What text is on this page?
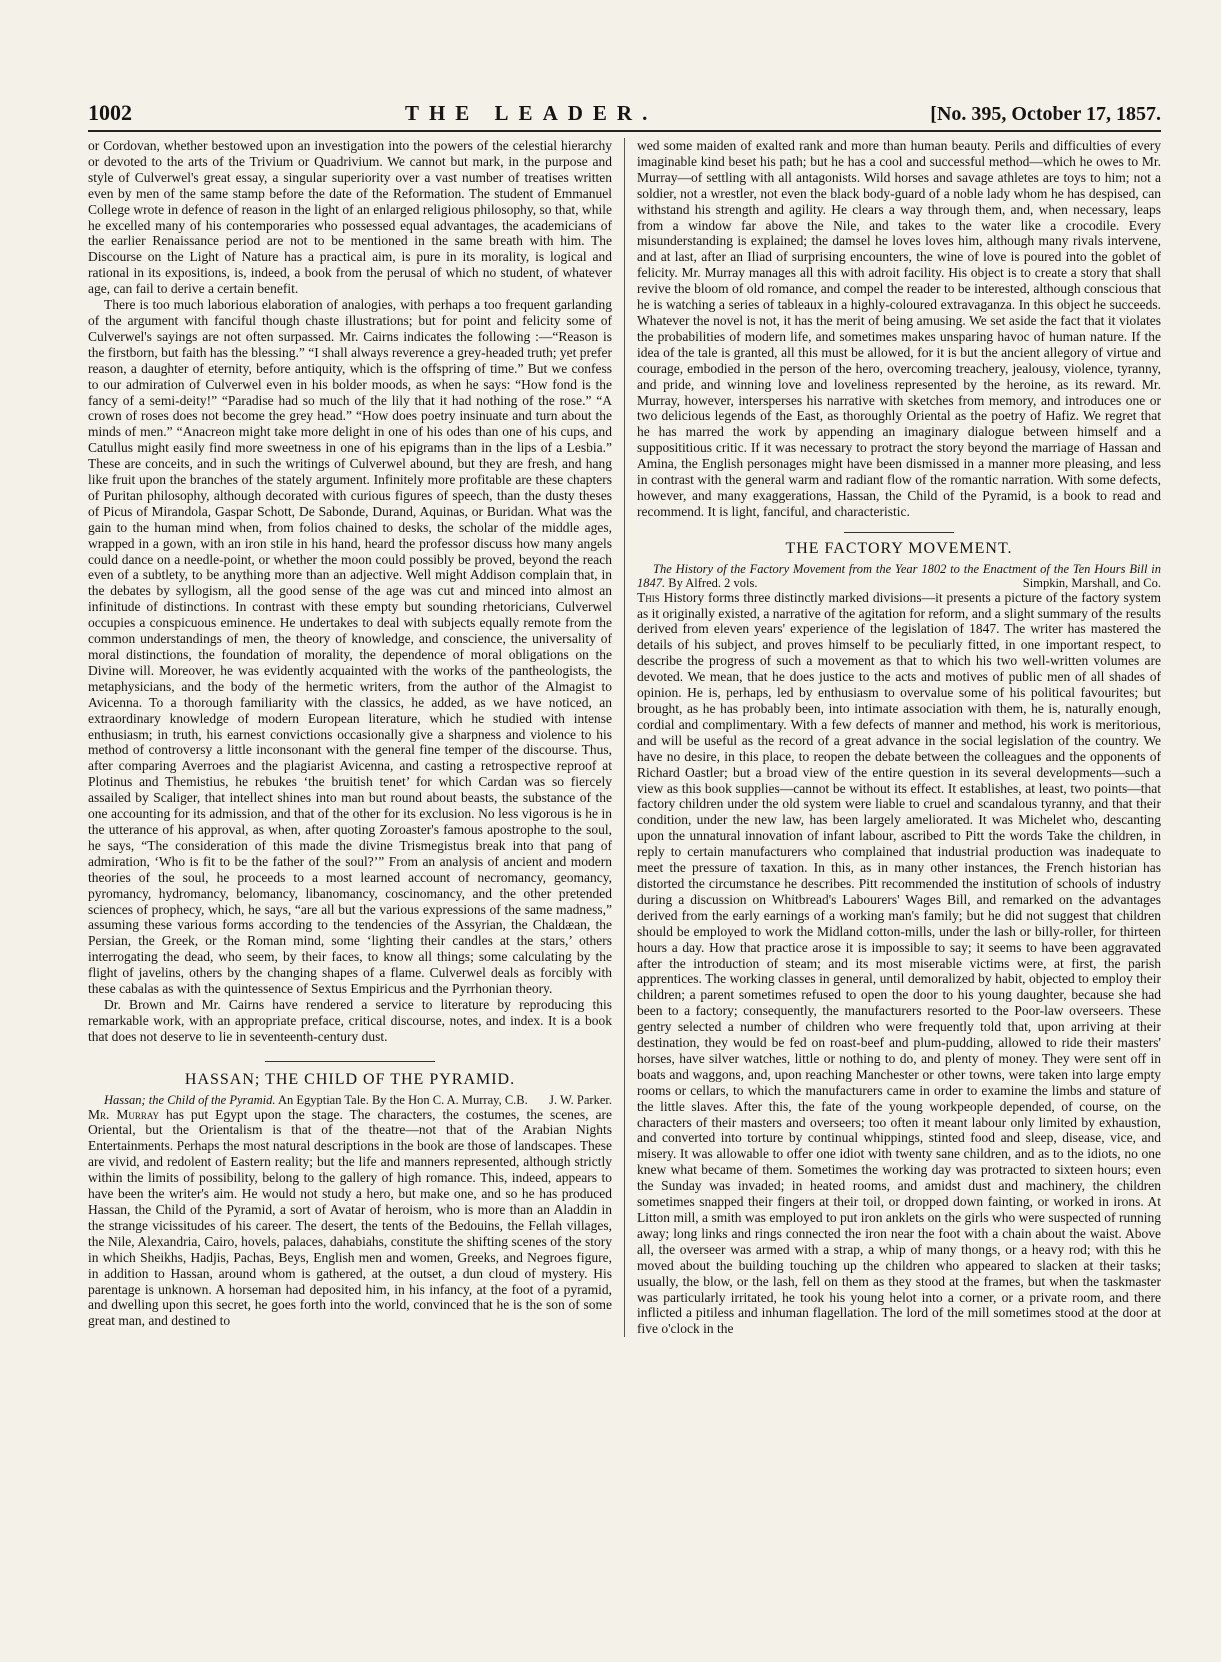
1002	THE LEADER.	[No. 395, October 17, 1857.

or Cordovan, whether bestowed upon an investigation into the powers of the celestial hierarchy or devoted to the arts of the Trivium or Quadrivium. We cannot but mark, in the purpose and style of Culverwel's great essay, a singular superiority over a vast number of treatises written even by men of the same stamp before the date of the Reformation. The student of Emmanuel College wrote in defence of reason in the light of an enlarged religious philosophy, so that, while he excelled many of his contemporaries who possessed equal advantages, the academicians of the earlier Renaissance period are not to be mentioned in the same breath with him. The Discourse on the Light of Nature has a practical aim, is pure in its morality, is logical and rational in its expositions, is, indeed, a book from the perusal of which no student, of whatever age, can fail to derive a certain benefit.

There is too much laborious elaboration of analogies, with perhaps a too frequent garlanding of the argument with fanciful though chaste illustrations; but for point and felicity some of Culverwel's sayings are not often surpassed. Mr. Cairns indicates the following :—“Reason is the firstborn, but faith has the blessing.” “I shall always reverence a grey-headed truth; yet prefer reason, a daughter of eternity, before antiquity, which is the offspring of time.” But we confess to our admiration of Culverwel even in his bolder moods, as when he says: “How fond is the fancy of a semi-deity!” “Paradise had so much of the lily that it had nothing of the rose.” “A crown of roses does not become the grey head.” “How does poetry insinuate and turn about the minds of men.” “Anacreon might take more delight in one of his odes than one of his cups, and Catullus might easily find more sweetness in one of his epigrams than in the lips of a Lesbia.” These are conceits, and in such the writings of Culverwel abound, but they are fresh, and hang like fruit upon the branches of the stately argument. Infinitely more profitable are these chapters of Puritan philosophy, although decorated with curious figures of speech, than the dusty theses of Picus of Mirandola, Gaspar Schott, De Sabonde, Durand, Aquinas, or Buridan. What was the gain to the human mind when, from folios chained to desks, the scholar of the middle ages, wrapped in a gown, with an iron stile in his hand, heard the professor discuss how many angels could dance on a needle-point, or whether the moon could possibly be proved, beyond the reach even of a subtlety, to be anything more than an adjective. Well might Addison complain that, in the debates by syllogism, all the good sense of the age was cut and minced into almost an infinitude of distinctions. In contrast with these empty but sounding rhetoricians, Culverwel occupies a conspicuous eminence. He undertakes to deal with subjects equally remote from the common understandings of men, the theory of knowledge, and conscience, the universality of moral distinctions, the foundation of morality, the dependence of moral obligations on the Divine will. Moreover, he was evidently acquainted with the works of the pantheologists, the metaphysicians, and the body of the hermetic writers, from the author of the Almagist to Avicenna. To a thorough familiarity with the classics, he added, as we have noticed, an extraordinary knowledge of modern European literature, which he studied with intense enthusiasm; in truth, his earnest convictions occasionally give a sharpness and violence to his method of controversy a little inconsonant with the general fine temper of the discourse. Thus, after comparing Averroes and the plagiarist Avicenna, and casting a retrospective reproof at Plotinus and Themistius, he rebukes ‘the bruitish tenet’ for which Cardan was so fiercely assailed by Scaliger, that intellect shines into man but round about beasts, the substance of the one accounting for its admission, and that of the other for its exclusion. No less vigorous is he in the utterance of his approval, as when, after quoting Zoroaster's famous apostrophe to the soul, he says, “The consideration of this made the divine Trismegistus break into that pang of admiration, ‘Who is fit to be the father of the soul?’” From an analysis of ancient and modern theories of the soul, he proceeds to a most learned account of necromancy, geomancy, pyromancy, hydromancy, belomancy, libanomancy, coscinomancy, and the other pretended sciences of prophecy, which, he says, “are all but the various expressions of the same madness,” assuming these various forms according to the tendencies of the Assyrian, the Chaldæan, the Persian, the Greek, or the Roman mind, some ‘lighting their candles at the stars,’ others interrogating the dead, who seem, by their faces, to know all things; some calculating by the flight of javelins, others by the changing shapes of a flame. Culverwel deals as forcibly with these cabalas as with the quintessence of Sextus Empiricus and the Pyrrhonian theory.

Dr. Brown and Mr. Cairns have rendered a service to literature by reproducing this remarkable work, with an appropriate preface, critical discourse, notes, and index. It is a book that does not deserve to lie in seventeenth-century dust.

HASSAN; THE CHILD OF THE PYRAMID.

Hassan; the Child of the Pyramid. An Egyptian Tale. By the Hon C. A. Murray, C.B.	J. W. Parker.

Mr. Murray has put Egypt upon the stage. The characters, the costumes, the scenes, are Oriental, but the Orientalism is that of the theatre—not that of the Arabian Nights Entertainments. Perhaps the most natural descriptions in the book are those of landscapes. These are vivid, and redolent of Eastern reality; but the life and manners represented, although strictly within the limits of possibility, belong to the gallery of high romance. This, indeed, appears to have been the writer's aim. He would not study a hero, but make one, and so he has produced Hassan, the Child of the Pyramid, a sort of Avatar of heroism, who is more than an Aladdin in the strange vicissitudes of his career. The desert, the tents of the Bedouins, the Fellah villages, the Nile, Alexandria, Cairo, hovels, palaces, dahabiahs, constitute the shifting scenes of the story in which Sheikhs, Hadjis, Pachas, Beys, English men and women, Greeks, and Negroes figure, in addition to Hassan, around whom is gathered, at the outset, a dun cloud of mystery. His parentage is unknown. A horseman had deposited him, in his infancy, at the foot of a pyramid, and dwelling upon this secret, he goes forth into the world, convinced that he is the son of some great man, and destined to

wed some maiden of exalted rank and more than human beauty. Perils and difficulties of every imaginable kind beset his path; but he has a cool and successful method—which he owes to Mr. Murray—of settling with all antagonists. Wild horses and savage athletes are toys to him; not a soldier, not a wrestler, not even the black body-guard of a noble lady whom he has despised, can withstand his strength and agility. He clears a way through them, and, when necessary, leaps from a window far above the Nile, and takes to the water like a crocodile. Every misunderstanding is explained; the damsel he loves loves him, although many rivals intervene, and at last, after an Iliad of surprising encounters, the wine of love is poured into the goblet of felicity. Mr. Murray manages all this with adroit facility. His object is to create a story that shall revive the bloom of old romance, and compel the reader to be interested, although conscious that he is watching a series of tableaux in a highly-coloured extravaganza. In this object he succeeds. Whatever the novel is not, it has the merit of being amusing. We set aside the fact that it violates the probabilities of modern life, and sometimes makes unsparing havoc of human nature. If the idea of the tale is granted, all this must be allowed, for it is but the ancient allegory of virtue and courage, embodied in the person of the hero, overcoming treachery, jealousy, violence, tyranny, and pride, and winning love and loveliness represented by the heroine, as its reward. Mr. Murray, however, intersperses his narrative with sketches from memory, and introduces one or two delicious legends of the East, as thoroughly Oriental as the poetry of Hafiz. We regret that he has marred the work by appending an imaginary dialogue between himself and a supposititious critic. If it was necessary to protract the story beyond the marriage of Hassan and Amina, the English personages might have been dismissed in a manner more pleasing, and less in contrast with the general warm and radiant flow of the romantic narration. With some defects, however, and many exaggerations, Hassan, the Child of the Pyramid, is a book to read and recommend. It is light, fanciful, and characteristic.

THE FACTORY MOVEMENT.

The History of the Factory Movement from the Year 1802 to the Enactment of the Ten Hours Bill in 1847. By Alfred. 2 vols.	Simpkin, Marshall, and Co.

This History forms three distinctly marked divisions—it presents a picture of the factory system as it originally existed, a narrative of the agitation for reform, and a slight summary of the results derived from eleven years' experience of the legislation of 1847. The writer has mastered the details of his subject, and proves himself to be peculiarly fitted, in one important respect, to describe the progress of such a movement as that to which his two well-written volumes are devoted. We mean, that he does justice to the acts and motives of public men of all shades of opinion. He is, perhaps, led by enthusiasm to overvalue some of his political favourites; but brought, as he has probably been, into intimate association with them, he is, naturally enough, cordial and complimentary. With a few defects of manner and method, his work is meritorious, and will be useful as the record of a great advance in the social legislation of the country. We have no desire, in this place, to reopen the debate between the colleagues and the opponents of Richard Oastler; but a broad view of the entire question in its several developments—such a view as this book supplies—cannot be without its effect. It establishes, at least, two points—that factory children under the old system were liable to cruel and scandalous tyranny, and that their condition, under the new law, has been largely ameliorated. It was Michelet who, descanting upon the unnatural innovation of infant labour, ascribed to Pitt the words Take the children, in reply to certain manufacturers who complained that industrial production was inadequate to meet the pressure of taxation. In this, as in many other instances, the French historian has distorted the circumstance he describes. Pitt recommended the institution of schools of industry during a discussion on Whitbread's Labourers' Wages Bill, and remarked on the advantages derived from the early earnings of a working man's family; but he did not suggest that children should be employed to work the Midland cotton-mills, under the lash or billy-roller, for thirteen hours a day. How that practice arose it is impossible to say; it seems to have been aggravated after the introduction of steam; and its most miserable victims were, at first, the parish apprentices. The working classes in general, until demoralized by habit, objected to employ their children; a parent sometimes refused to open the door to his young daughter, because she had been to a factory; consequently, the manufacturers resorted to the Poor-law overseers. These gentry selected a number of children who were frequently told that, upon arriving at their destination, they would be fed on roast-beef and plum-pudding, allowed to ride their masters' horses, have silver watches, little or nothing to do, and plenty of money. They were sent off in boats and waggons, and, upon reaching Manchester or other towns, were taken into large empty rooms or cellars, to which the manufacturers came in order to examine the limbs and stature of the little slaves. After this, the fate of the young workpeople depended, of course, on the characters of their masters and overseers; too often it meant labour only limited by exhaustion, and converted into torture by continual whippings, stinted food and sleep, disease, vice, and misery. It was allowable to offer one idiot with twenty sane children, and as to the idiots, no one knew what became of them. Sometimes the working day was protracted to sixteen hours; even the Sunday was invaded; in heated rooms, and amidst dust and machinery, the children sometimes snapped their fingers at their toil, or dropped down fainting, or worked in irons. At Litton mill, a smith was employed to put iron anklets on the girls who were suspected of running away; long links and rings connected the iron near the foot with a chain about the waist. Above all, the overseer was armed with a strap, a whip of many thongs, or a heavy rod; with this he moved about the building touching up the children who appeared to slacken at their tasks; usually, the blow, or the lash, fell on them as they stood at the frames, but when the taskmaster was particularly irritated, he took his young helot into a corner, or a private room, and there inflicted a pitiless and inhuman flagellation. The lord of the mill sometimes stood at the door at five o'clock in the
